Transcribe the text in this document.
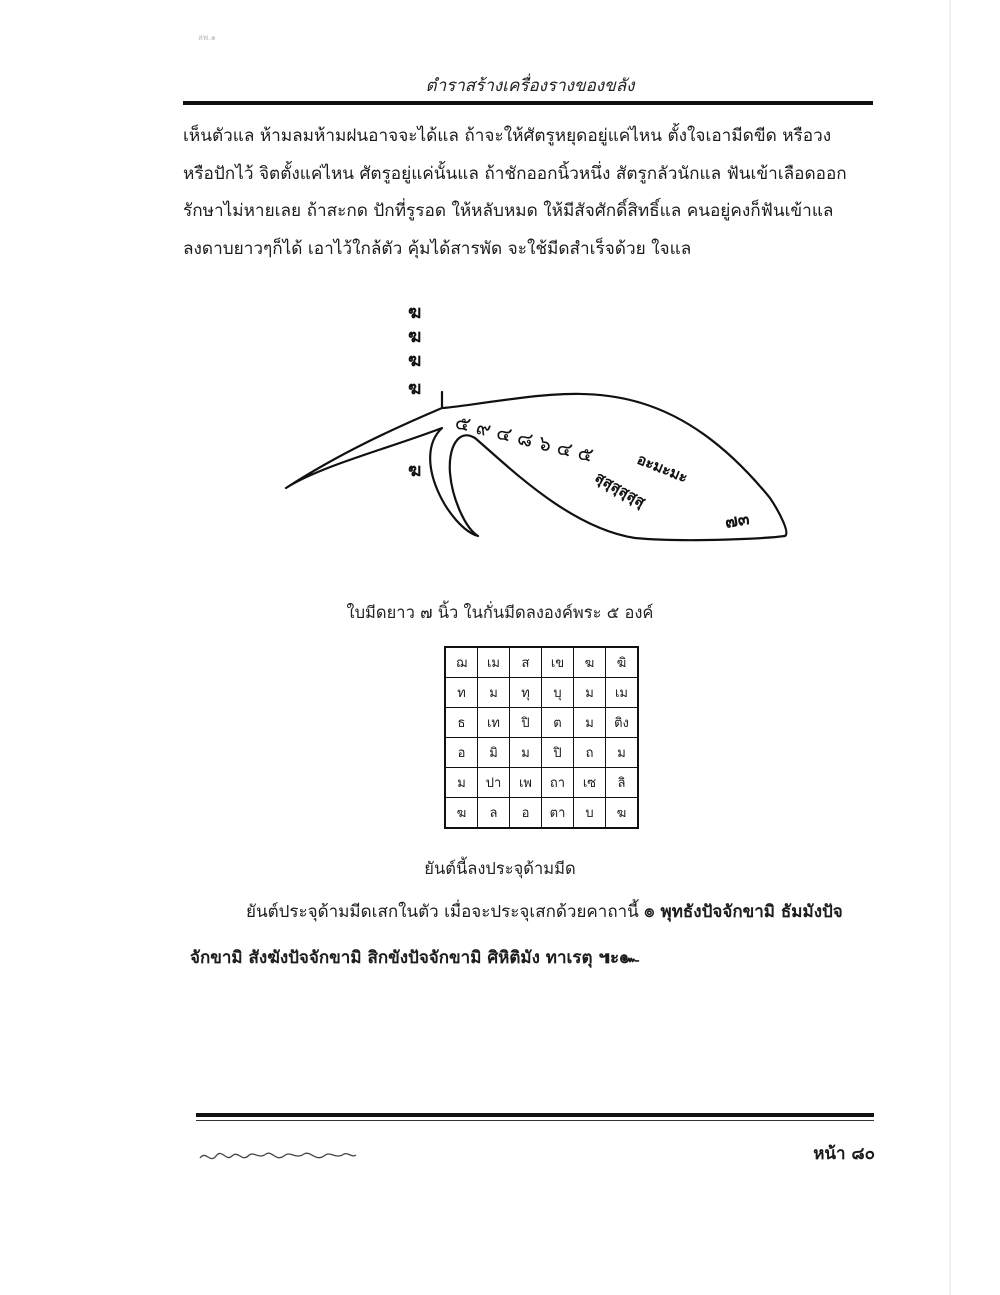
ลพ.๑
ตำราสร้างเครื่องรางของขลัง

เห็นตัวแล ห้ามลมห้ามฝนอาจจะได้แล ถ้าจะให้ศัตรูหยุดอยู่แค่ไหน ตั้งใจเอามีดขีด หรือวง

หรือปักไว้ จิตตั้งแค่ไหน ศัตรูอยู่แค่นั้นแล ถ้าชักออกนิ้วหนึ่ง สัตรูกลัวนักแล ฟันเข้าเลือดออก

รักษาไม่หายเลย ถ้าสะกด ปักที่รูรอด ให้หลับหมด ให้มีสัจศักดิ์สิทธิ์แล คนอยู่คงก็ฟันเข้าแล

ลงดาบยาวๆก็ได้ เอาไว้ใกล้ตัว คุ้มได้สารพัด จะใช้มีดสำเร็จด้วย ใจแล

ฆ
ฆ
ฆ
ฆ
ฆ
๕ ๙ ๔ ๘ ๖ ๔ ๕
อะมะมะ
สุสุสุสุสุสุ
๗๓
ใบมีดยาว ๗ นิ้ว ในกั่นมีดลงองค์พระ ๕ องค์
ฌ	เม	ส	เข	ฆ	ฆิ
ท	ม	ทุ	บุ	ม	เม
ธ	เท	ปิ	ต	ม	ติง
อ	มิ	ม	ปิ	ถ	ม
ม	ปา	เพ	ถา	เซ	ลิ
ฆ	ล	อ	ตา	บ	ฆ
ยันต์นี้ลงประจุด้ามมีด
ยันต์ประจุด้ามมีดเสกในตัว เมื่อจะประจุเสกด้วยคาถานี้ ๏ พุทธังปัจจักขามิ ธัมมังปัจ
จักขามิ สังฆังปัจจักขามิ สิกขังปัจจักขามิ ศิหิติมัง ทาเรตุ ๚ะ๛
หน้า ๘๐
